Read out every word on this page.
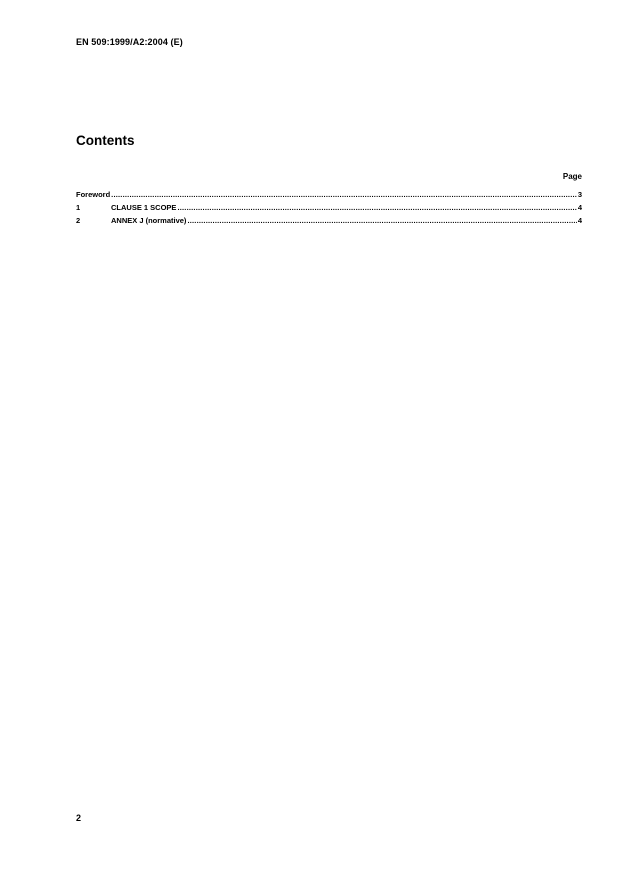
EN 509:1999/A2:2004 (E)
Contents
Page
Foreword .....	3
1	CLAUSE 1 SCOPE .....	4
2	ANNEX J (normative) .....	4
2
